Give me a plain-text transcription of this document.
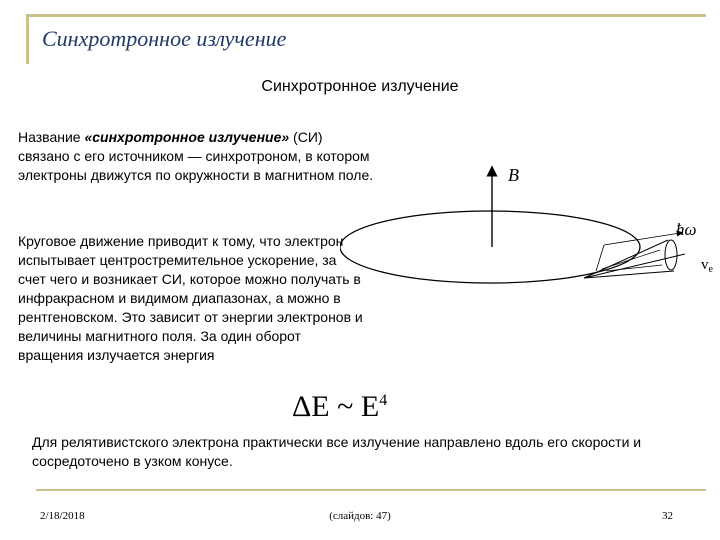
Синхротронное излучение

Синхротронное излучение

Название «синхротронное излучение» (СИ) связано с его источником — синхротроном, в котором электроны движутся по окружности в магнитном поле.

Круговое движение приводит к тому, что электрон испытывает центростремительное ускорение, за счет чего и возникает СИ, которое можно получать в инфракрасном и видимом диапазонах, а можно в рентгеновском. Это зависит от энергии электронов и величины магнитного поля. За один оборот вращения излучается энергия

ΔE ~ $E^4$

Для релятивистского электрона практически все излучение направлено вдоль его скорости и сосредоточено в узком конусе.

B
ħω
$v_e$
2/18/2018	(слайдов: 47)	32
